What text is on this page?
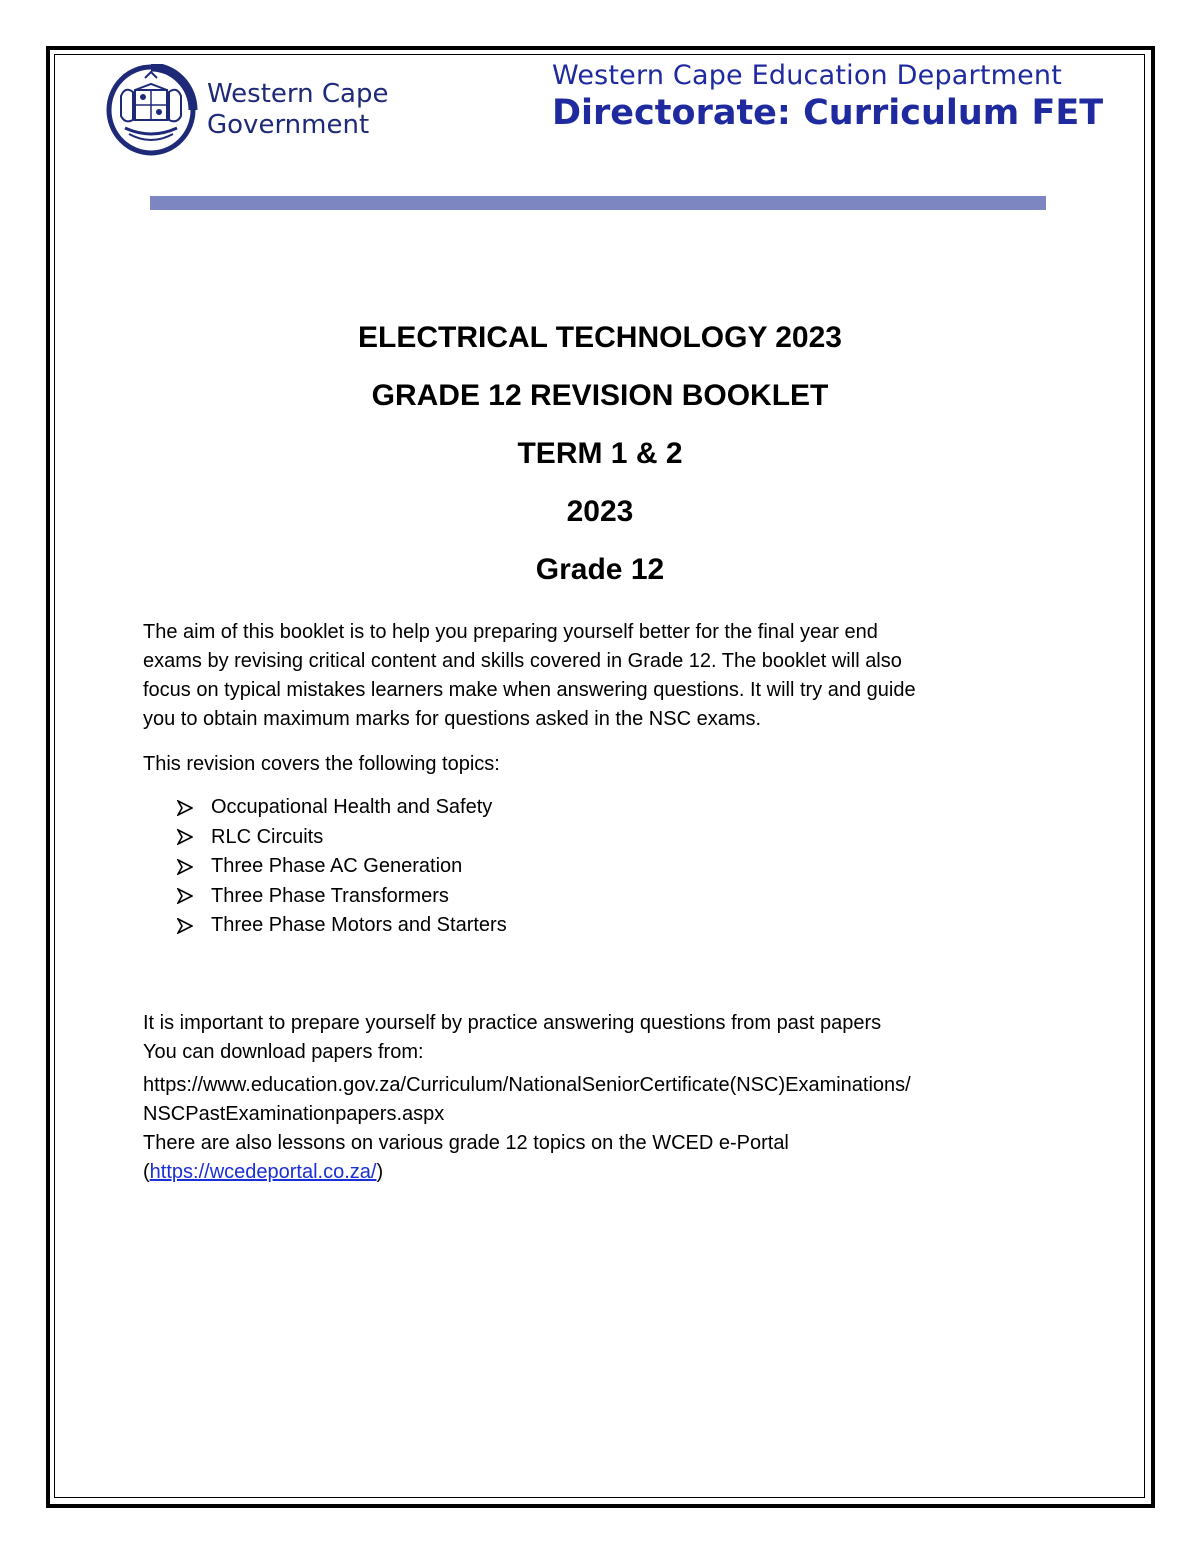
Western Cape
Government
Western Cape Education Department
Directorate: Curriculum FET
ELECTRICAL TECHNOLOGY 2023
GRADE 12 REVISION BOOKLET
TERM 1 & 2
2023
Grade 12

The aim of this booklet is to help you preparing yourself better for the final year end

exams by revising critical content and skills covered in Grade 12. The booklet will also

focus on typical mistakes learners make when answering questions. It will try and guide

you to obtain maximum marks for questions asked in the NSC exams.

This revision covers the following topics:

Occupational Health and Safety
RLC Circuits
Three Phase AC Generation
Three Phase Transformers
Three Phase Motors and Starters

It is important to prepare yourself by practice answering questions from past papers

You can download papers from:

https://www.education.gov.za/Curriculum/NationalSeniorCertificate(NSC)Examinations/

NSCPastExaminationpapers.aspx

There are also lessons on various grade 12 topics on the WCED e-Portal

(https://wcedeportal.co.za/)
